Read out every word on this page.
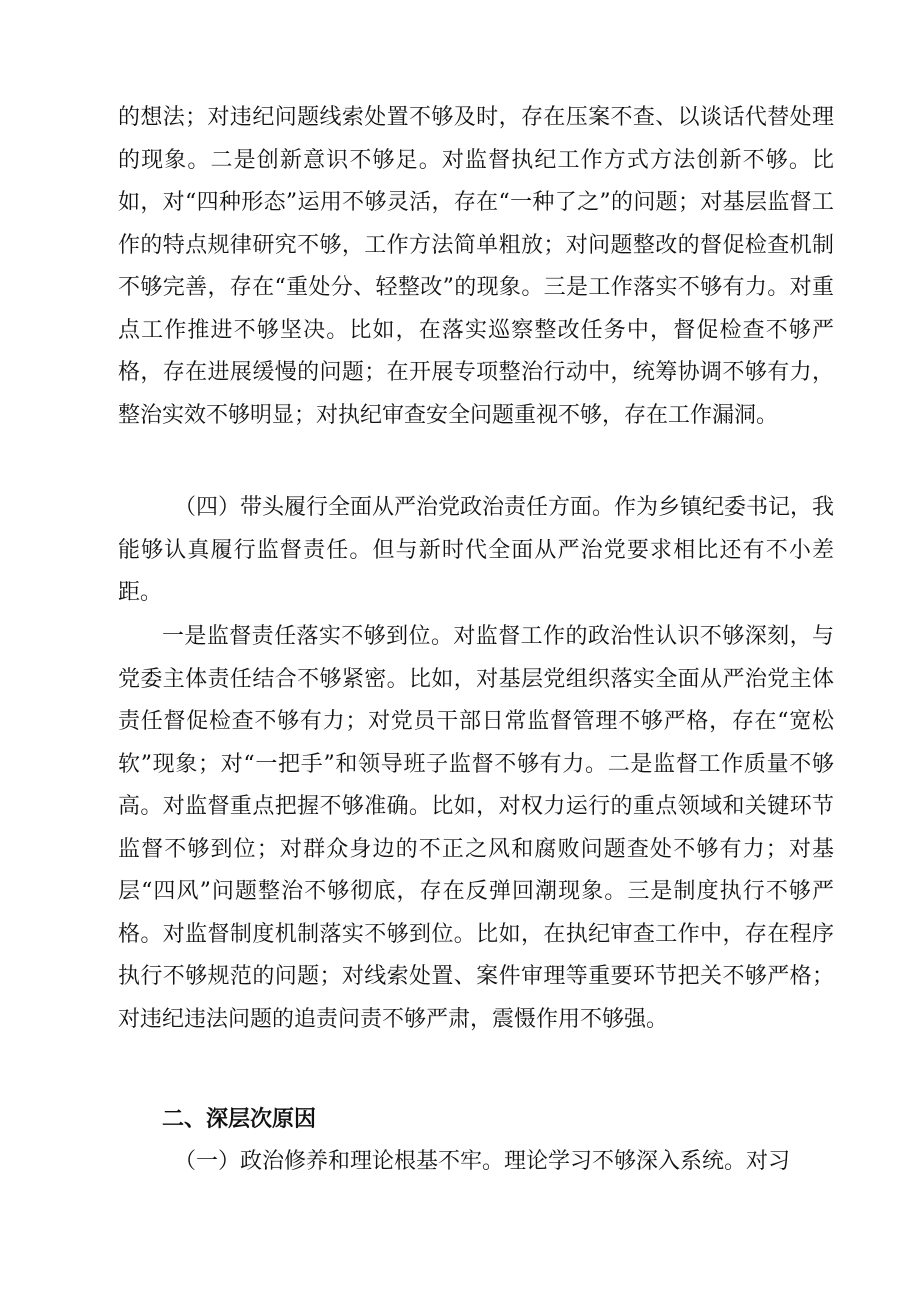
的想法；对违纪问题线索处置不够及时，存在压案不查、以谈话代替处理的现象。二是创新意识不够足。对监督执纪工作方式方法创新不够。比如，对“四种形态”运用不够灵活，存在“一种了之”的问题；对基层监督工作的特点规律研究不够，工作方法简单粗放；对问题整改的督促检查机制不够完善，存在“重处分、轻整改”的现象。三是工作落实不够有力。对重点工作推进不够坚决。比如，在落实巡察整改任务中，督促检查不够严格，存在进展缓慢的问题；在开展专项整治行动中，统筹协调不够有力，整治实效不够明显；对执纪审查安全问题重视不够，存在工作漏洞。

（四）带头履行全面从严治党政治责任方面。作为乡镇纪委书记，我能够认真履行监督责任。但与新时代全面从严治党要求相比还有不小差距。

一是监督责任落实不够到位。对监督工作的政治性认识不够深刻，与党委主体责任结合不够紧密。比如，对基层党组织落实全面从严治党主体责任督促检查不够有力；对党员干部日常监督管理不够严格，存在“宽松软”现象；对“一把手”和领导班子监督不够有力。二是监督工作质量不够高。对监督重点把握不够准确。比如，对权力运行的重点领域和关键环节监督不够到位；对群众身边的不正之风和腐败问题查处不够有力；对基层“四风”问题整治不够彻底，存在反弹回潮现象。三是制度执行不够严格。对监督制度机制落实不够到位。比如，在执纪审查工作中，存在程序执行不够规范的问题；对线索处置、案件审理等重要环节把关不够严格；对违纪违法问题的追责问责不够严肃，震慑作用不够强。

二、深层次原因

（一）政治修养和理论根基不牢。理论学习不够深入系统。对习
